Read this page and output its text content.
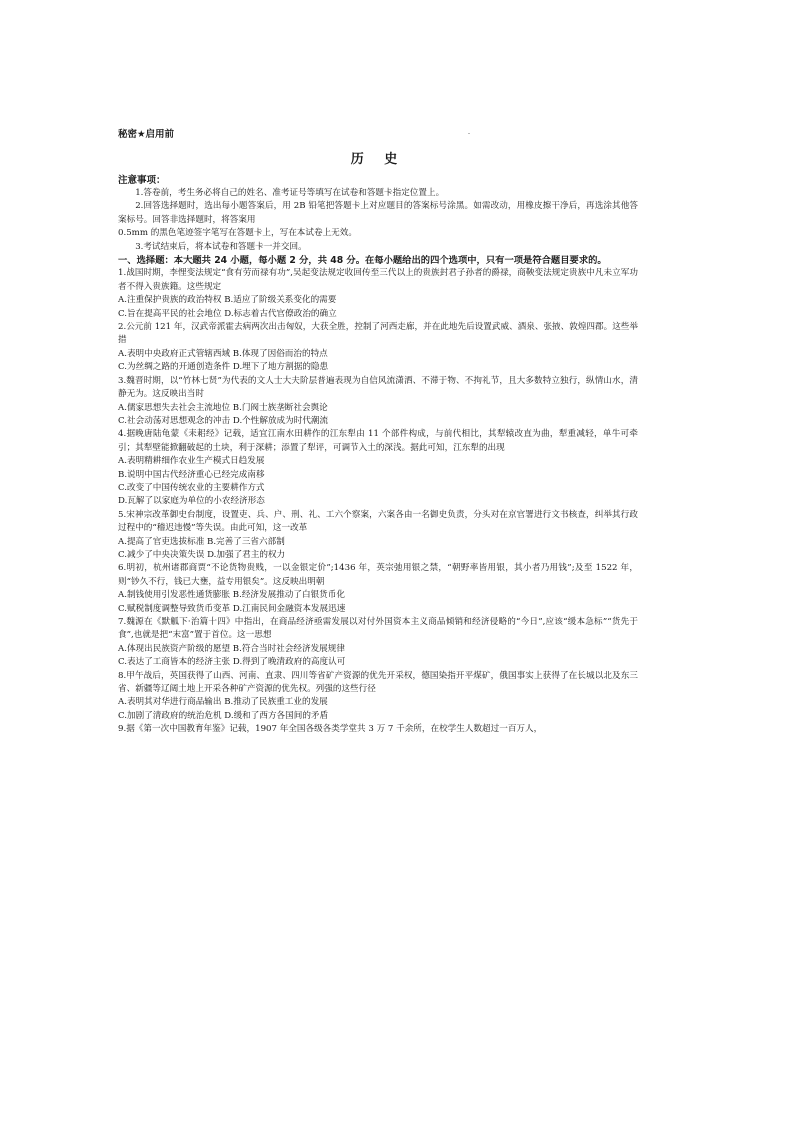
秘密★启用前

历 史

注意事项：

1.答卷前，考生务必将自己的姓名、准考证号等填写在试卷和答题卡指定位置上。

2.回答选择题时，选出每小题答案后，用 2B 铅笔把答题卡上对应题目的答案标号涂黑。如需改动，用橡皮擦干净后，再选涂其他答案标号。回答非选择题时，将答案用

0.5mm 的黑色笔迹签字笔写在答题卡上，写在本试卷上无效。

3.考试结束后，将本试卷和答题卡一并交回。

一、选择题：本大题共 24 小题，每小题 2 分，共 48 分。在每小题给出的四个选项中，只有一项是符合题目要求的。

1.战国时期，李悝变法规定“食有劳而禄有功”,吴起变法规定收回传至三代以上的贵族封君子孙者的爵禄，商鞅变法规定贵族中凡未立军功者不得入贵族籍。这些规定

A.注重保护贵族的政治特权 B.适应了阶级关系变化的需要

C.旨在提高平民的社会地位 D.标志着古代官僚政治的确立

2.公元前 121 年，汉武帝派霍去病两次出击匈奴，大获全胜，控制了河西走廊，并在此地先后设置武威、酒泉、张掖、敦煌四郡。这些举措

A.表明中央政府正式管辖西域 B.体现了因俗而治的特点

C.为丝绸之路的开通创造条件 D.埋下了地方割据的隐患

3.魏晋时期，以“竹林七贤”为代表的文人士大夫阶层普遍表现为自信风流潇洒、不滞于物、不拘礼节，且大多数特立独行，纵情山水，清静无为。这反映出当时

A.儒家思想失去社会主流地位 B.门阀士族垄断社会舆论

C.社会动荡对思想观念的冲击 D.个性解放成为时代潮流

4.据晚唐陆龟蒙《耒耜经》记载，适宜江南水田耕作的江东犁由 11 个部件构成，与前代相比，其犁辕改直为曲，犁重减轻，单牛可牵引；其犁壁能掀翻破起的土块，利于深耕；添置了犁评，可调节入土的深浅。据此可知，江东犁的出现

A.表明精耕细作农业生产模式日趋发展

B.说明中国古代经济重心已经完成南移

C.改变了中国传统农业的主要耕作方式

D.瓦解了以家庭为单位的小农经济形态

5.宋神宗改革御史台制度，设置吏、兵、户、刑、礼、工六个察案，六案各由一名御史负责，分头对在京官署进行文书核查，纠举其行政过程中的“稽迟违慢”等失误。由此可知，这一改革

A.提高了官吏选拔标准 B.完善了三省六部制

C.减少了中央决策失误 D.加强了君主的权力

6.明初，杭州诸郡商贾“不论货物贵贱，一以金银定价”;1436 年，英宗弛用银之禁，“朝野率皆用银，其小者乃用钱”;及至 1522 年，则“钞久不行，钱已大壅，益专用银矣”。这反映出明朝

A.制钱使用引发恶性通货膨胀 B.经济发展推动了白银货币化

C.赋税制度调整导致货币变革 D.江南民间金融资本发展迅速

7.魏源在《默觚下·治篇十四》中指出，在商品经济亟需发展以对付外国资本主义商品倾销和经济侵略的“今日”,应该“缓本急标”“货先于食”,也就是把“末富”置于首位。这一思想

A.体现出民族资产阶级的愿望 B.符合当时社会经济发展规律

C.表达了工商皆本的经济主张 D.得到了晚清政府的高度认可

8.甲午战后，英国获得了山西、河南、直隶、四川等省矿产资源的优先开采权，德国染指开平煤矿，俄国事实上获得了在长城以北及东三省、新疆等辽阔土地上开采各种矿产资源的优先权。列强的这些行径

A.表明其对华进行商品输出 B.推动了民族重工业的发展

C.加剧了清政府的统治危机 D.缓和了西方各国间的矛盾

9.据《第一次中国教育年鉴》记载，1907 年全国各级各类学堂共 3 万 7 千余所，在校学生人数超过一百万人，
